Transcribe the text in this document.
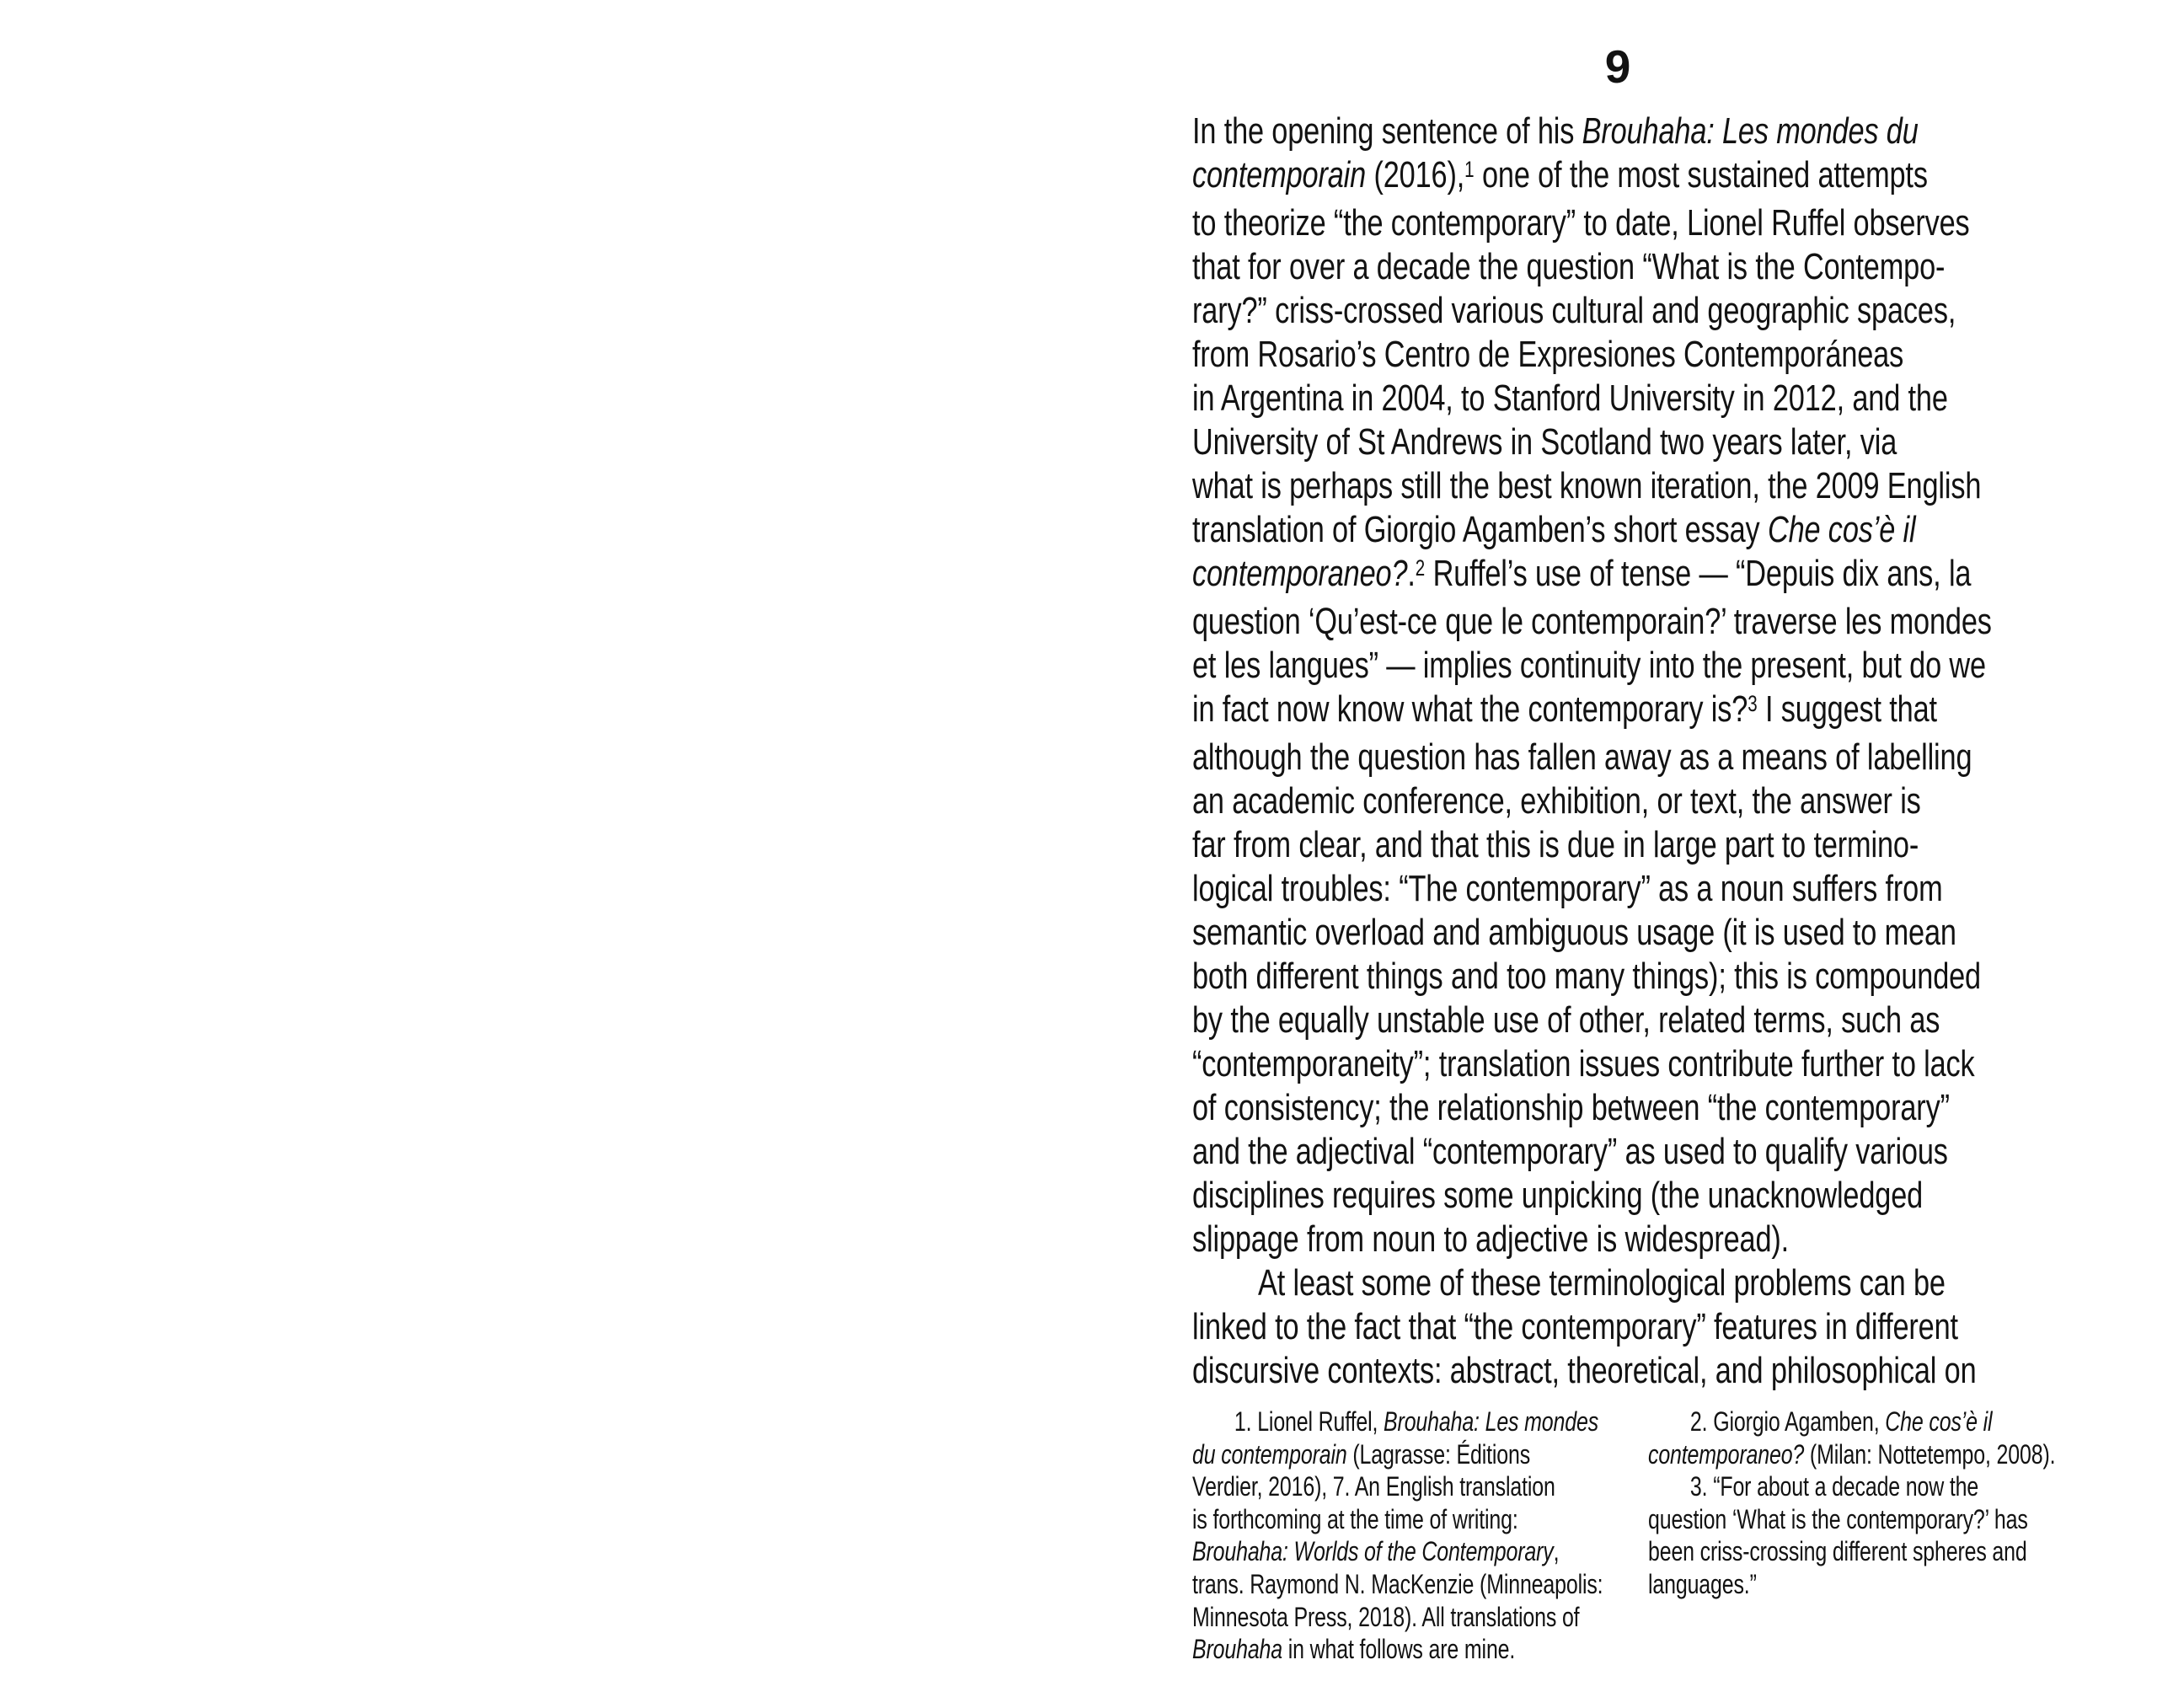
9
In the opening sentence of his Brouhaha: Les mondes du
contemporain (2016),$^1$ one of the most sustained attempts
to theorize “the contemporary” to date, Lionel Ruffel observes
that for over a decade the question “What is the Contempo-
rary?” criss-crossed various cultural and geographic spaces,
from Rosario’s Centro de Expresiones Contemporáneas
in Argentina in 2004, to Stanford University in 2012, and the
University of St Andrews in Scotland two years later, via
what is perhaps still the best known iteration, the 2009 English
translation of Giorgio Agamben’s short essay Che cos’è il
contemporaneo?.$^2$ Ruffel’s use of tense — “Depuis dix ans, la
question ‘Qu’est-ce que le contemporain?’ traverse les mondes
et les langues” — implies continuity into the present, but do we
in fact now know what the contemporary is?$^3$ I suggest that
although the question has fallen away as a means of labelling
an academic conference, exhibition, or text, the answer is
far from clear, and that this is due in large part to termino-
logical troubles: “The contemporary” as a noun suffers from
semantic overload and ambiguous usage (it is used to mean
both different things and too many things); this is compounded
by the equally unstable use of other, related terms, such as
“contemporaneity”; translation issues contribute further to lack
of consistency; the relationship between “the contemporary”
and the adjectival “contemporary” as used to qualify various
disciplines requires some unpicking (the unacknowledged
slippage from noun to adjective is widespread).
At least some of these terminological problems can be
linked to the fact that “the contemporary” features in different
discursive contexts: abstract, theoretical, and philosophical on
1. Lionel Ruffel, Brouhaha: Les mondes
du contemporain (Lagrasse: Éditions
Verdier, 2016), 7. An English translation
is forthcoming at the time of writing:
Brouhaha: Worlds of the Contemporary,
trans. Raymond N. MacKenzie (Minneapolis:
Minnesota Press, 2018). All translations of
Brouhaha in what follows are mine.
2. Giorgio Agamben, Che cos’è il
contemporaneo? (Milan: Nottetempo, 2008).
3. “For about a decade now the
question ‘What is the contemporary?’ has
been criss-crossing different spheres and
languages.”
